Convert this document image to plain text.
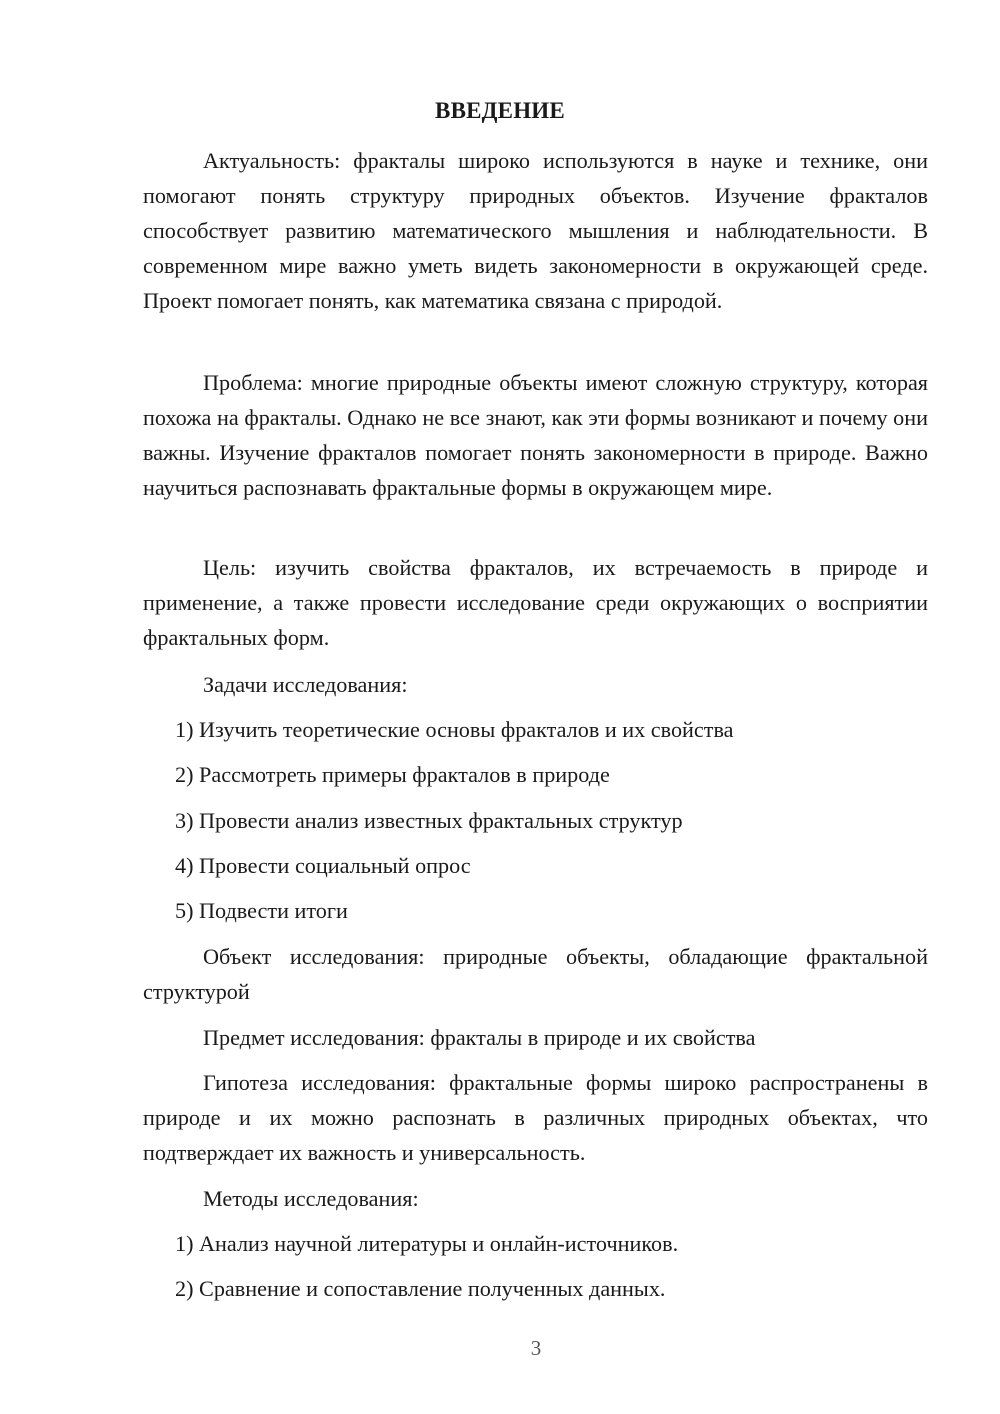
ВВЕДЕНИЕ

Актуальность: фракталы широко используются в науке и технике, они помогают понять структуру природных объектов. Изучение фракталов способствует развитию математического мышления и наблюдательности. В современном мире важно уметь видеть закономерности в окружающей среде. Проект помогает понять, как математика связана с природой.

Проблема: многие природные объекты имеют сложную структуру, которая похожа на фракталы. Однако не все знают, как эти формы возникают и почему они важны. Изучение фракталов помогает понять закономерности в природе. Важно научиться распознавать фрактальные формы в окружающем мире.

Цель: изучить свойства фракталов, их встречаемость в природе и применение, а также провести исследование среди окружающих о восприятии фрактальных форм.

Задачи исследования:

1) Изучить теоретические основы фракталов и их свойства

2) Рассмотреть примеры фракталов в природе

3) Провести анализ известных фрактальных структур

4) Провести социальный опрос

5) Подвести итоги

Объект исследования: природные объекты, обладающие фрактальной структурой

Предмет исследования: фракталы в природе и их свойства

Гипотеза исследования: фрактальные формы широко распространены в природе и их можно распознать в различных природных объектах, что подтверждает их важность и универсальность.

Методы исследования:

1) Анализ научной литературы и онлайн-источников.

2) Сравнение и сопоставление полученных данных.

3
